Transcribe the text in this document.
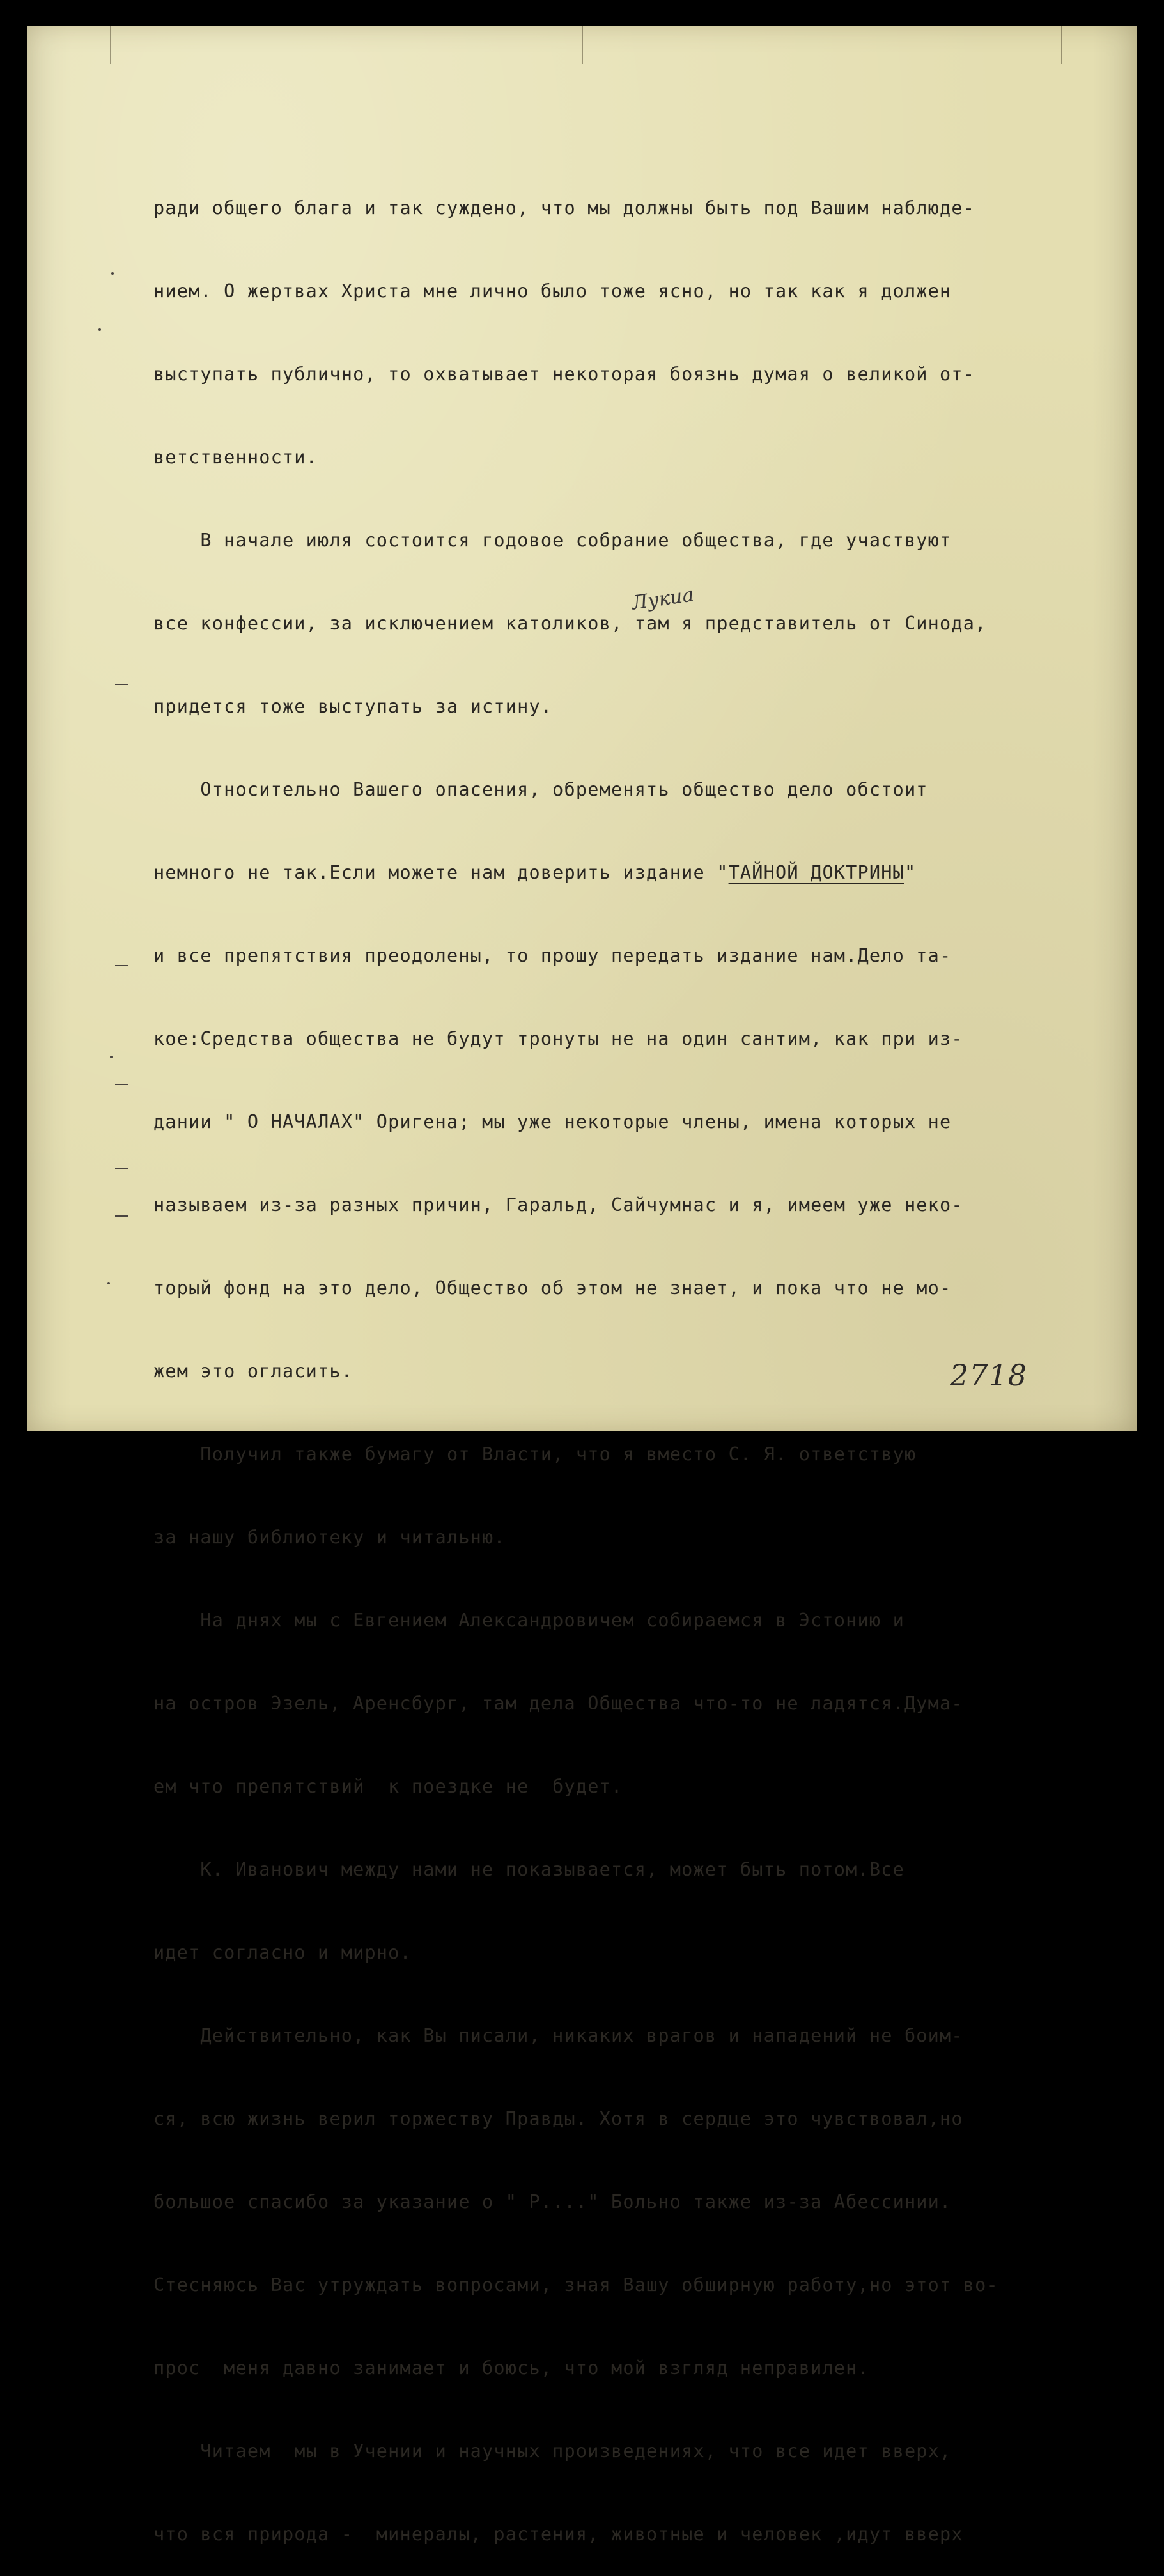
ради общего блага и так суждено, что мы должны быть под Вашим наблюде-

нием. О жертвах Христа мне лично было тоже ясно, но так как я должен

выступать публично, то охватывает некоторая боязнь думая о великой от-

ветственности.

В начале июля состоится годовое собрание общества, где участвуют

все конфессии, за исключением католиков, там я представитель от Синода,

придется тоже выступать за истину.

Относительно Вашего опасения, обременять общество дело обстоит

немного не так.Если можете нам доверить издание "ТАЙНОЙ ДОКТРИНЫ"

и все препятствия преодолены, то прошу передать издание нам.Дело та-

кое:Средства общества не будут тронуты не на один сантим, как при из-

дании " О НАЧАЛАХ" Оригена; мы уже некоторые члены, имена которых не

называем из-за разных причин, Гаральд, Сайчумнас и я, имеем уже неко-

торый фонд на это дело, Общество об этом не знает, и пока что не мо-

жем это огласить.

Получил также бумагу от Власти, что я вместо С. Я. ответствую

за нашу библиотеку и читальню.

На днях мы с Евгением Александровичем собираемся в Эстонию и

на остров Эзель, Аренсбург, там дела Общества что-то не ладятся.Дума-

ем что препятствий  к поездке не  будет.

К. Иванович между нами не показывается, может быть потом.Все

идет согласно и мирно.

Действительно, как Вы писали, никаких врагов и нападений не боим-

ся, всю жизнь верил торжеству Правды. Хотя в сердце это чувствовал,но

большое спасибо за указание о " Р...." Больно также из-за Абессинии.

Стесняюсь Вас утруждать вопросами, зная Вашу обширную работу,но этот во-

прос  меня давно занимает и боюсь, что мой взгляд неправилен.

Читаем  мы в Учении и научных произведениях, что все идет вверх,

что вся природа -  минералы, растения, животные и человек ,идут вверх

Лукиа
2718
